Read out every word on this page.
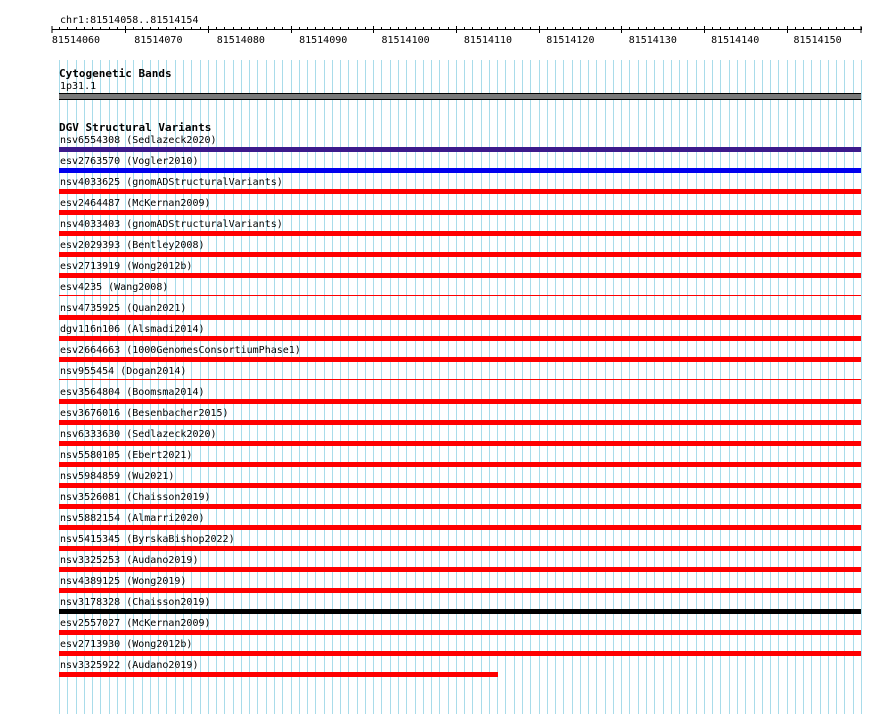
chr1:81514058..81514154
81514060	81514070	81514080	81514090	81514100	81514110	81514120	81514130	81514140	81514150
Cytogenetic Bands
1p31.1
DGV Structural Variants
nsv6554308 (Sedlazeck2020)
esv2763570 (Vogler2010)
nsv4033625 (gnomADStructuralVariants)
esv2464487 (McKernan2009)
nsv4033403 (gnomADStructuralVariants)
esv2029393 (Bentley2008)
esv2713919 (Wong2012b)
esv4235 (Wang2008)
nsv4735925 (Quan2021)
dgv116n106 (Alsmadi2014)
esv2664663 (1000GenomesConsortiumPhase1)
nsv955454 (Dogan2014)
esv3564804 (Boomsma2014)
esv3676016 (Besenbacher2015)
nsv6333630 (Sedlazeck2020)
nsv5580105 (Ebert2021)
nsv5984859 (Wu2021)
nsv3526081 (Chaisson2019)
nsv5882154 (Almarri2020)
nsv5415345 (ByrskaBishop2022)
nsv3325253 (Audano2019)
nsv4389125 (Wong2019)
nsv3178328 (Chaisson2019)
esv2557027 (McKernan2009)
esv2713930 (Wong2012b)
nsv3325922 (Audano2019)
